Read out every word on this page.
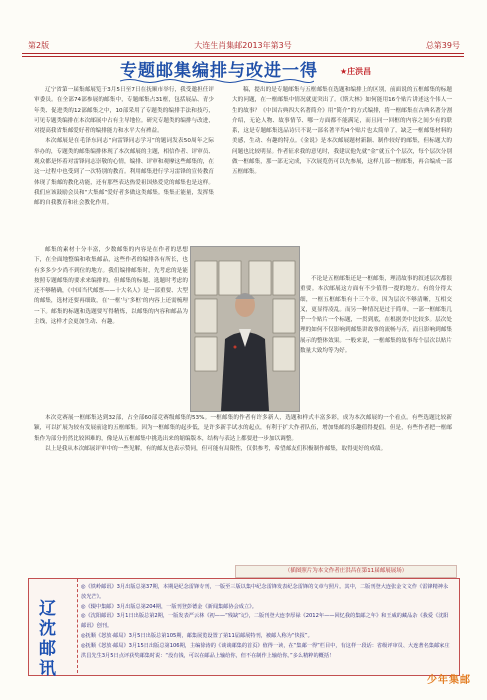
第2版	大连生肖集邮2013年第3号	总第39号
专题邮集编排与改进一得	★庄洪昌

辽宁省第一届集邮展览于3月5日至7日在抚顺市举行，我受邀担任评审委员。在全部74部参展的邮集中，专题邮集占31框，包括展品、青少年类、促进类的12部邮集之中，10部采用了专题类的编排手法和技巧，可见专题类编排在本次邮展中占有主导地位。研究专题类的编排与改进，对提高我省集邮爱好者的编排能力和水平大有裨益。

本次邮展是在毛泽东同志“向雷锋同志学习”的题词发表50周年之际举办的，专题类的邮集编排体现了本次邮展的主题，相信作者、评审员、观众都是怀着对雷锋同志崇敬的心情，编排、评审和观摩这些邮集的，在这一过程中也受到了一次特别的教育。利用邮集进行学习雷锋的宣传教育体现了集邮的教化功能，还有那些表达热爱祖国热爱党的邮集也是这样。我们应该鼓励会员和“大集邮”爱好者多做这类邮集。集集正能量，发挥集邮的自我教育和社会教化作用。

稿，提出的是专题邮集与五框邮集在选题和编排上的区别，前面说的五框邮集的标题大的问题，在一框邮集中情况就更突出了。《斯大林》如何能用16个贴片讲述这个伟人一生的故事？《中国古典四大名著简介》用“简介”的方式编排，将一框邮集在古典名著分割介绍，无论人物、故事情节、哪一方面都不能满足，而且同一回框的内容之间少有的联系，这是专题邮集选品诗只不说一部名著平均4个贴片也太简单了，缺乏一框邮集材料的美感，生动、有趣的特点。《金说》是本次邮展题材新颖、制作较好的邮集，但标题大的问题也比较明显。作者征求我的意见时，我建议他先就“金”就五个个层次，每个层次分别做一框邮集，那一部无完成，下次展览仍可以先参展，这样几部一框邮集，再合编成一部五框邮集。

邮集的素材十分丰富，少数邮集的内容是在作者的思想下，在全面地整编和收集邮品，这些作者的编排各有所长，也有多多少少尚不到位的地方。我们编排邮集时，先考虑的是能按照专题邮集的要求来编排的。但邮集的标题、选题时考虑的还不够精确，《中国当代邮票——十大名人》是一部重要、大型的邮集，选材还要再细致，在‘一框’与‘多框’的内容上还需梳理一下。邮集的标题和选题要写得精炼，以邮集的内容和邮品为主线，这样才会更加生动、有趣。

不论是五框邮集还是一框邮集，理清故事的叙述层次都很重要。本次邮展这方面有不少值得一提的地方。有的分得太细，一框五框邮集有十三个章，因为层次不够清晰，互相交叉，更显得凌乱。而另一种情况是过于简单，一部一框邮集几乎一个贴片一个标题，一贯到底，在根据美中比较多。层次处理的如何不仅影响到邮集讲故事的流畅与否，而且影响到邮集展示的整体效果。一般来说，一框邮集的故事每个层次以贴片数量大致均等为好。

本次竞赛展一框邮集达到32部，占全部60部竞赛级邮集的53%。一框邮集的作者有许多新人，选题和样式丰富多彩，成为本次邮展的一个看点。有些选题比较新颖，可以扩展为较有发展前途的五框邮集。因为一框邮集的起步低，是许多新手试水的起点，有利于扩大作者队伍，增加集邮的乐趣值得提倡。但是，有些作者把一框邮集作为部分仍然比较困难的，像是从五框邮集中挑选出来的缩编版本，结构与表达上都要进一步加以调整。

以上是我从本次邮展评审中的一些见解，有的邮友也表示赞同，但可能有局限性，仅供参考，希望邮友们积极制作邮集，取得更好的成绩。

（插图照片为本文作者庄洪昌在第11届邮展展场）
辽
沈
邮
讯
◎《铁岭邮讯》3月出版总第37期，本期是纪念雷锋专刊，一版至三版以集中纪念雷锋发表纪念雷锋的文章与照片。其中，二版刊登大连张金文文作《雷锋精神永放光芒》。
◎《辍中集邮》3月出版总第204期，一版刊登彭德金《新闻集邮协会成立》。
◎《沈阳邮讯》3月1日出版总第2期，一版发表严云林《初——“残缺”记》，二版刊登大连李厚禄《2012年——回忆我的集邮之年》和王威的藏品杂《我爱《沈阳邮讯》创刊。
◎抚顺《怒放·邮局》3月5日出版总第105期，邮集展览设置了第11届邮展特刊，被邮人称为“快报”。
◎抚顺《怒放·邮局》3月15日出版总第106期，主编徐涛的《谈谈邮集的首页》值得一读，在“集邮一得”栏目中，有这样一段话：省级评审员、大连著名集邮家庄洪昌先生3月5日点评获奖邮集时说：“没有钱，可以在邮品上输给你，但不在制作上输给你。”多么精粹的概括！
少年集邮
